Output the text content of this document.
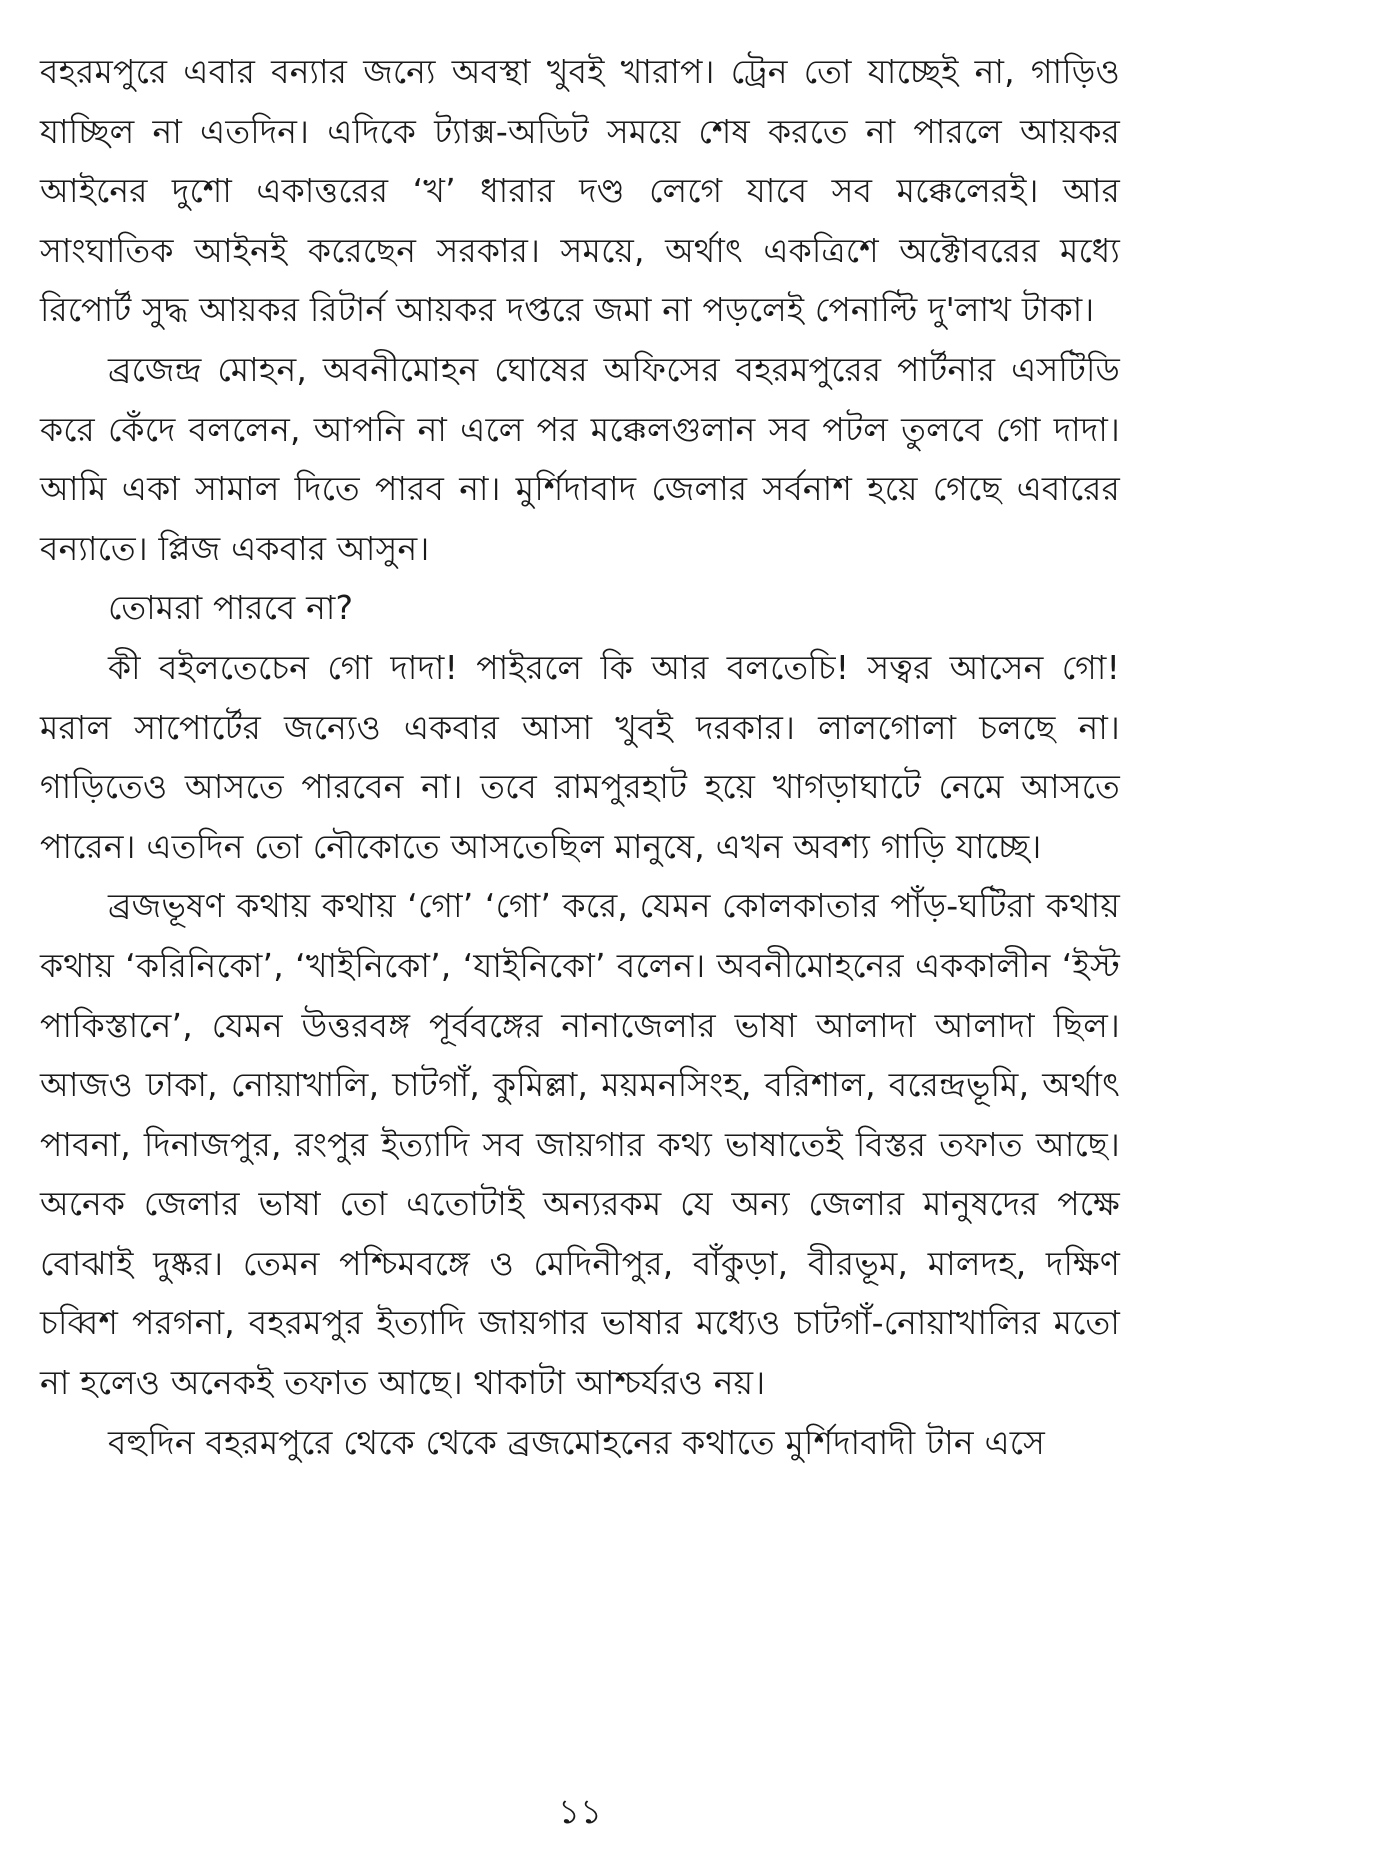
বহরমপুরে এবার বন্যার জন্যে অবস্থা খুবই খারাপ। ট্রেন তো যাচ্ছেই না, গাড়িও যাচ্ছিল না এতদিন। এদিকে ট্যাক্স-অডিট সময়ে শেষ করতে না পারলে আয়কর আইনের দুশো একাত্তরের ‘খ’ ধারার দণ্ড লেগে যাবে সব মক্কেলেরই। আর সাংঘাতিক আইনই করেছেন সরকার। সময়ে, অর্থাৎ একত্রিশে অক্টোবরের মধ্যে রিপোর্ট সুদ্ধ আয়কর রিটার্ন আয়কর দপ্তরে জমা না পড়লেই পেনাল্টি দু'লাখ টাকা।

ব্রজেন্দ্র মোহন, অবনীমোহন ঘোষের অফিসের বহরমপুরের পার্টনার এসটিডি করে কেঁদে বললেন, আপনি না এলে পর মক্কেলগুলান সব পটল তুলবে গো দাদা। আমি একা সামাল দিতে পারব না। মুর্শিদাবাদ জেলার সর্বনাশ হয়ে গেছে এবারের বন্যাতে। প্লিজ একবার আসুন।

তোমরা পারবে না?

কী বইলতেচেন গো দাদা! পাইরলে কি আর বলতেচি! সত্বর আসেন গো! মরাল সাপোর্টের জন্যেও একবার আসা খুবই দরকার। লালগোলা চলছে না। গাড়িতেও আসতে পারবেন না। তবে রামপুরহাট হয়ে খাগড়াঘাটে নেমে আসতে পারেন। এতদিন তো নৌকোতে আসতেছিল মানুষে, এখন অবশ্য গাড়ি যাচ্ছে।

ব্রজভূষণ কথায় কথায় ‘গো’ ‘গো’ করে, যেমন কোলকাতার পাঁড়-ঘটিরা কথায় কথায় ‘করিনিকো’, ‘খাইনিকো’, ‘যাইনিকো’ বলেন। অবনীমোহনের এককালীন ‘ইস্ট পাকিস্তানে’, যেমন উত্তরবঙ্গ পূর্ববঙ্গের নানাজেলার ভাষা আলাদা আলাদা ছিল। আজও ঢাকা, নোয়াখালি, চাটগাঁ, কুমিল্লা, ময়মনসিংহ, বরিশাল, বরেন্দ্রভূমি, অর্থাৎ পাবনা, দিনাজপুর, রংপুর ইত্যাদি সব জায়গার কথ্য ভাষাতেই বিস্তর তফাত আছে। অনেক জেলার ভাষা তো এতোটাই অন্যরকম যে অন্য জেলার মানুষদের পক্ষে বোঝাই দুষ্কর। তেমন পশ্চিমবঙ্গে ও মেদিনীপুর, বাঁকুড়া, বীরভূম, মালদহ, দক্ষিণ চব্বিশ পরগনা, বহরমপুর ইত্যাদি জায়গার ভাষার মধ্যেও চাটগাঁ-নোয়াখালির মতো না হলেও অনেকই তফাত আছে। থাকাটা আশ্চর্যরও নয়।

বহুদিন বহরমপুরে থেকে থেকে ব্রজমোহনের কথাতে মুর্শিদাবাদী টান এসে

১১
